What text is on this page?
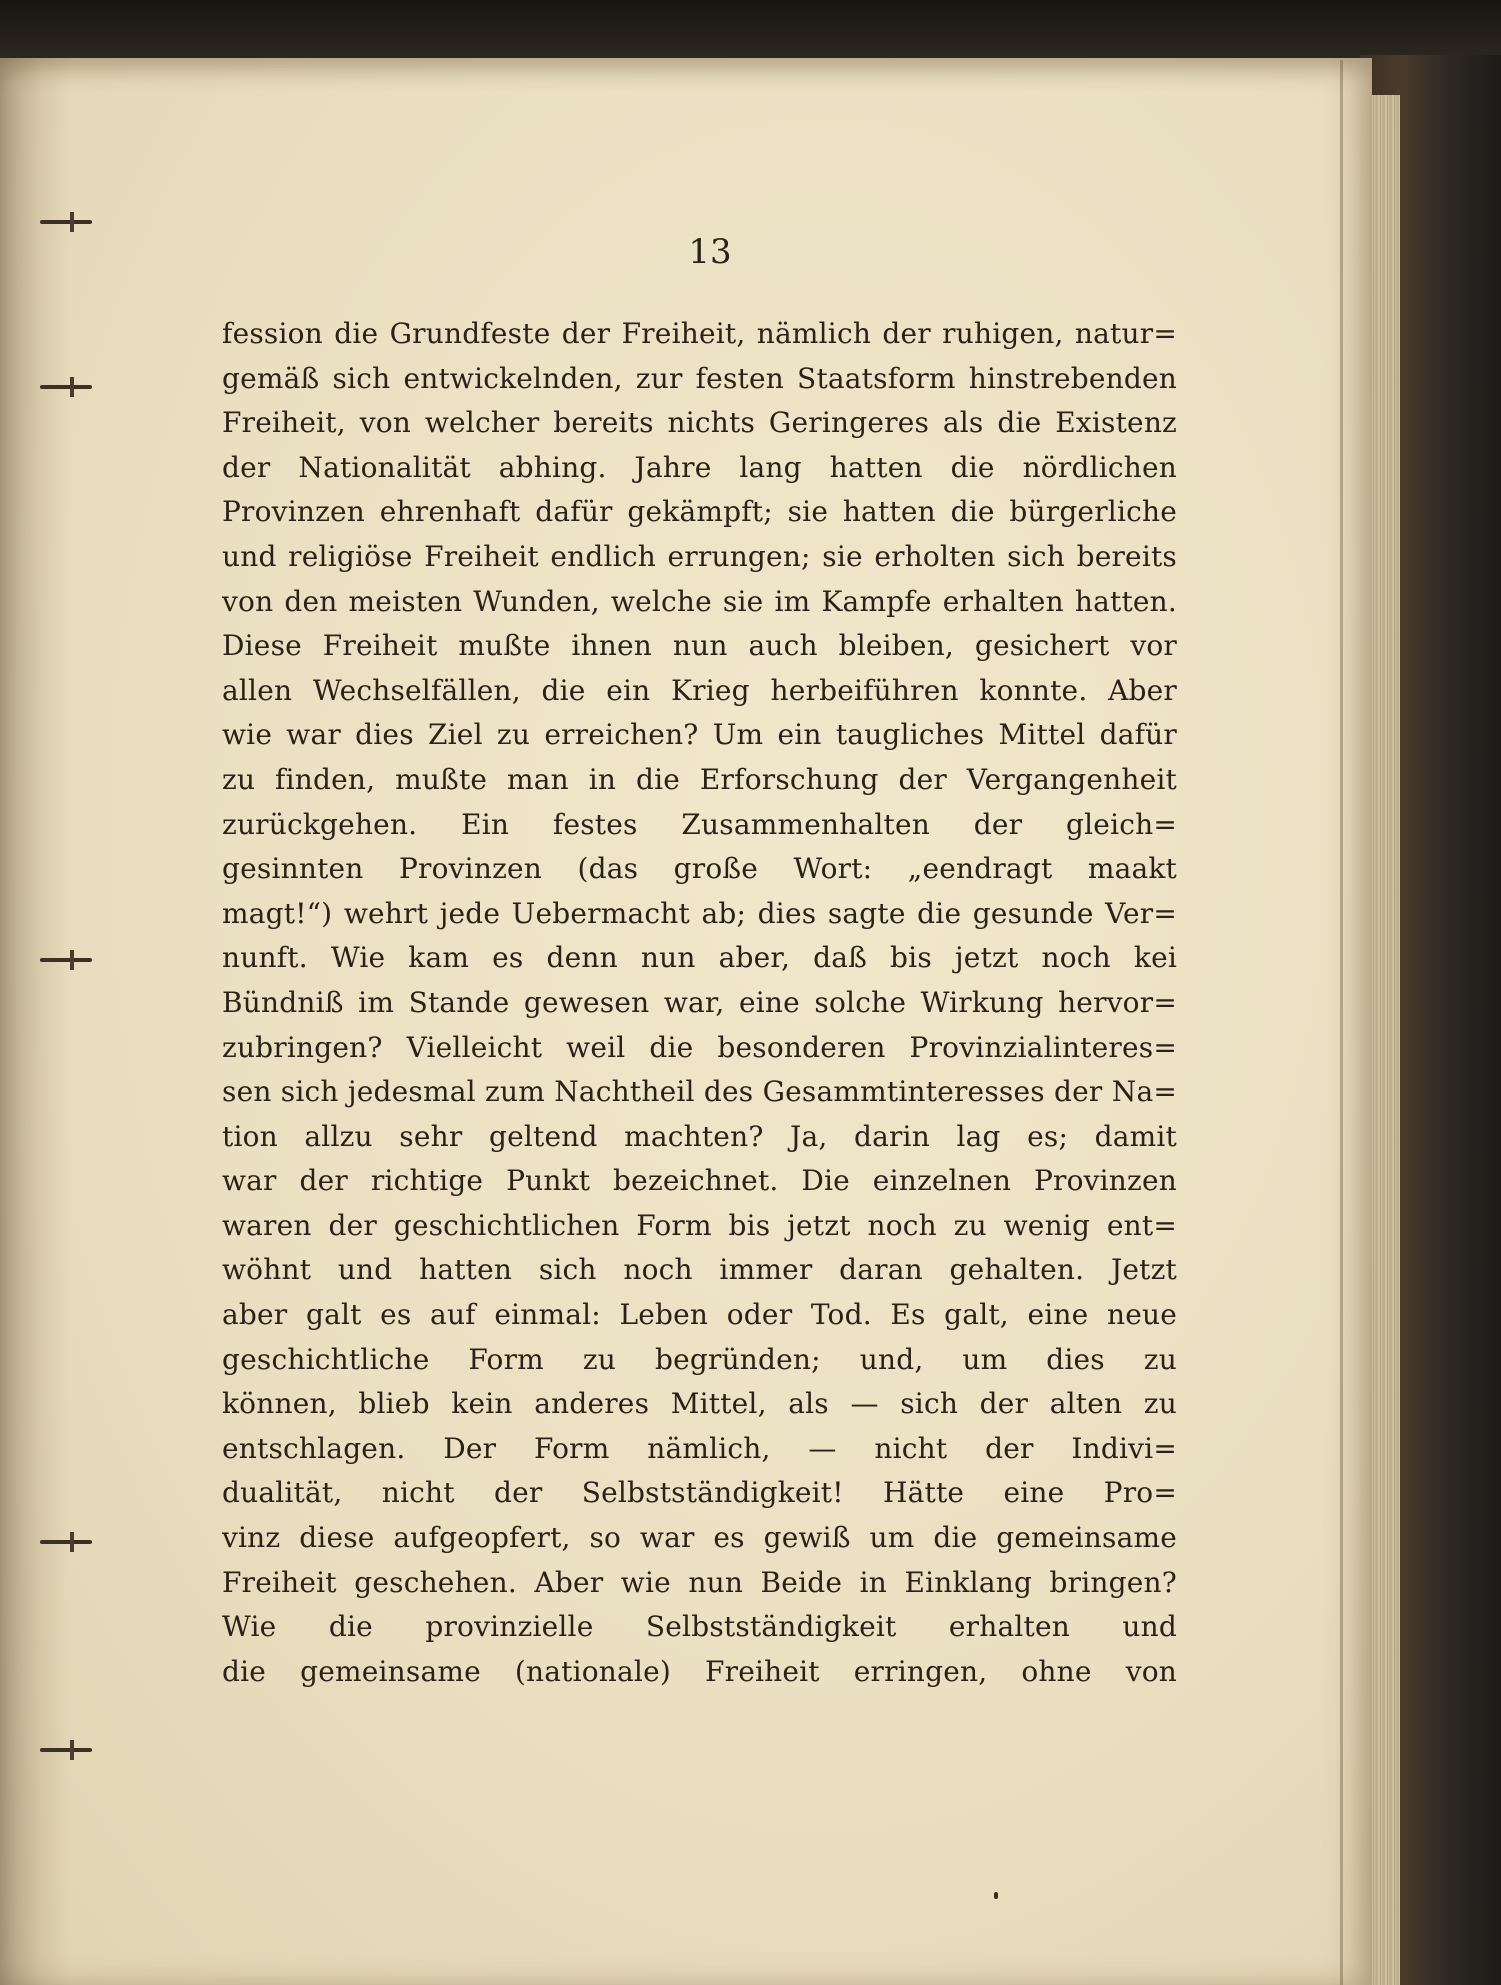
13
fession die Grundfeste der Freiheit, nämlich der ruhigen, natur=
gemäß sich entwickelnden, zur festen Staatsform hinstrebenden
Freiheit, von welcher bereits nichts Geringeres als die Existenz
der Nationalität abhing. Jahre lang hatten die nördlichen
Provinzen ehrenhaft dafür gekämpft; sie hatten die bürgerliche
und religiöse Freiheit endlich errungen; sie erholten sich bereits
von den meisten Wunden, welche sie im Kampfe erhalten hatten.
Diese Freiheit mußte ihnen nun auch bleiben, gesichert vor
allen Wechselfällen, die ein Krieg herbeiführen konnte. Aber
wie war dies Ziel zu erreichen? Um ein taugliches Mittel dafür
zu finden, mußte man in die Erforschung der Vergangenheit
zurückgehen. Ein festes Zusammenhalten der gleich=
gesinnten Provinzen (das große Wort: „eendragt maakt
magt!“) wehrt jede Uebermacht ab; dies sagte die gesunde Ver=
nunft. Wie kam es denn nun aber, daß bis jetzt noch kei
Bündniß im Stande gewesen war, eine solche Wirkung hervor=
zubringen? Vielleicht weil die besonderen Provinzialinteres=
sen sich jedesmal zum Nachtheil des Gesammtinteresses der Na=
tion allzu sehr geltend machten? Ja, darin lag es; damit
war der richtige Punkt bezeichnet. Die einzelnen Provinzen
waren der geschichtlichen Form bis jetzt noch zu wenig ent=
wöhnt und hatten sich noch immer daran gehalten. Jetzt
aber galt es auf einmal: Leben oder Tod. Es galt, eine neue
geschichtliche Form zu begründen; und, um dies zu
können, blieb kein anderes Mittel, als — sich der alten zu
entschlagen. Der Form nämlich, — nicht der Indivi=
dualität, nicht der Selbstständigkeit! Hätte eine Pro=
vinz diese aufgeopfert, so war es gewiß um die gemeinsame
Freiheit geschehen. Aber wie nun Beide in Einklang bringen?
Wie die provinzielle Selbstständigkeit erhalten und
die gemeinsame (nationale) Freiheit erringen, ohne von
